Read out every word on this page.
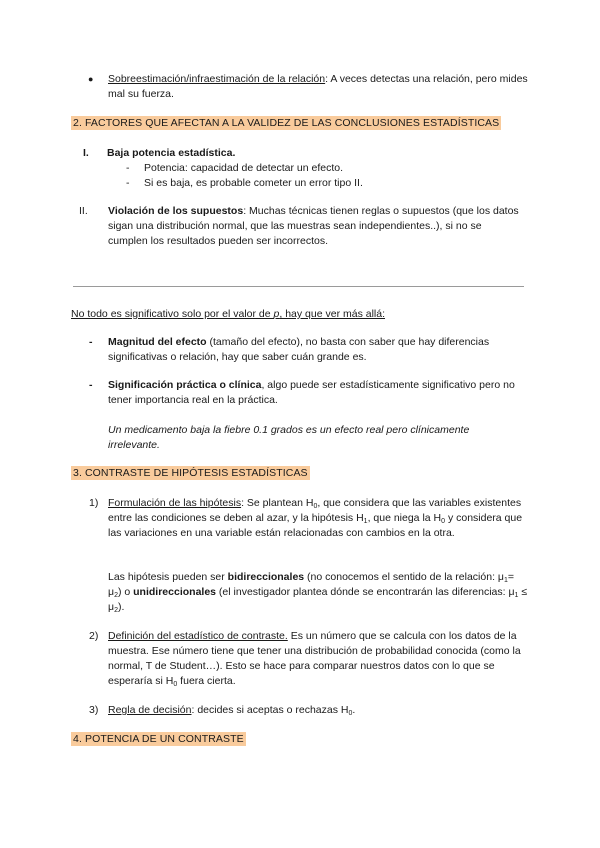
● Sobreestimación/infraestimación de la relación: A veces detectas una relación, pero mides mal su fuerza.
2. FACTORES QUE AFECTAN A LA VALIDEZ DE LAS CONCLUSIONES ESTADÍSTICAS
I. Baja potencia estadística.
- Potencia: capacidad de detectar un efecto.
- Si es baja, es probable cometer un error tipo II.
II. Violación de los supuestos: Muchas técnicas tienen reglas o supuestos (que los datos sigan una distribución normal, que las muestras sean independientes..), si no se cumplen los resultados pueden ser incorrectos.
No todo es significativo solo por el valor de p, hay que ver más allá:
- Magnitud del efecto (tamaño del efecto), no basta con saber que hay diferencias significativas o relación, hay que saber cuán grande es.
- Significación práctica o clínica, algo puede ser estadísticamente significativo pero no tener importancia real en la práctica.
Un medicamento baja la fiebre 0.1 grados es un efecto real pero clínicamente irrelevante.
3. CONTRASTE DE HIPÓTESIS ESTADÍSTICAS
1) Formulación de las hipótesis: Se plantean $H_0$, que considera que las variables existentes entre las condiciones se deben al azar, y la hipótesis $H_1$, que niega la $H_0$ y considera que las variaciones en una variable están relacionadas con cambios en la otra.
Las hipótesis pueden ser bidireccionales (no conocemos el sentido de la relación: $\mu_1= \mu_2$) o unidireccionales (el investigador plantea dónde se encontrarán las diferencias: $\mu_1 \le \mu_2$).
2) Definición del estadístico de contraste. Es un número que se calcula con los datos de la muestra. Ese número tiene que tener una distribución de probabilidad conocida (como la normal, T de Student…). Esto se hace para comparar nuestros datos con lo que se esperaría si $H_0$ fuera cierta.
3) Regla de decisión: decides si aceptas o rechazas $H_0$.
4. POTENCIA DE UN CONTRASTE
